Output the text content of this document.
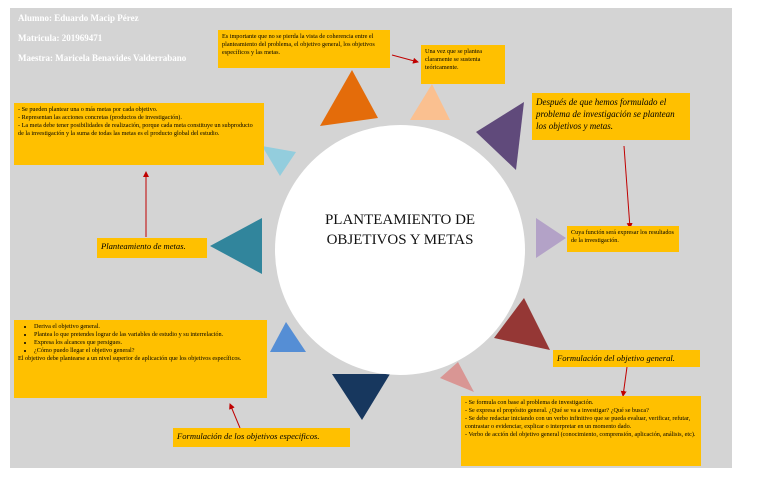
Alumno: Eduardo Macip Pérez
Matricula: 201969471
Maestra: Maricela Benavides Valderrabano
PLANTEAMIENTO DE OBJETIVOS Y METAS
Es importante que no se pierda la vista de coherencia entre el planteamiento del problema, el objetivo general, los objetivos específicos y las metas.	Una vez que se plantea claramente se sustenta teóricamente.
Después de que hemos formulado el problema de investigación se plantean los objetivos y metas.
Cuya función será expresar los resultados de la investigación.

- Se pueden plantear una o más metas por cada objetivo.

- Representan las acciones concretas (productos de investigación).

- La meta debe tener posibilidades de realización, porque cada meta constituye un subproducto de la investigación y la suma de todas las metas es el producto global del estudio.

Planteamiento de metas.
• Deriva el objetivo general.
• Plantea lo que pretendes lograr de las variables de estudio y su interrelación.
• Expresa los alcances que persigues.
• ¿Cómo puedo llegar el objetivo general?

El objetivo debe plantearse a un nivel superior de aplicación que los objetivos específicos.	Formulación del objetivo general.
Formulación de los objetivos especificos.

- Se formula con base al problema de investigación.

- Se expresa el propósito general. ¿Qué se va a investigar? ¿Qué se busca?

- Se debe redactar iniciando con un verbo infinitivo que se pueda evaluar, verificar, refutar, contrastar o evidenciar, explicar o interpretar en un momento dado.

- Verbo de acción del objetivo general (conocimiento, comprensión, aplicación, análisis, etc).
